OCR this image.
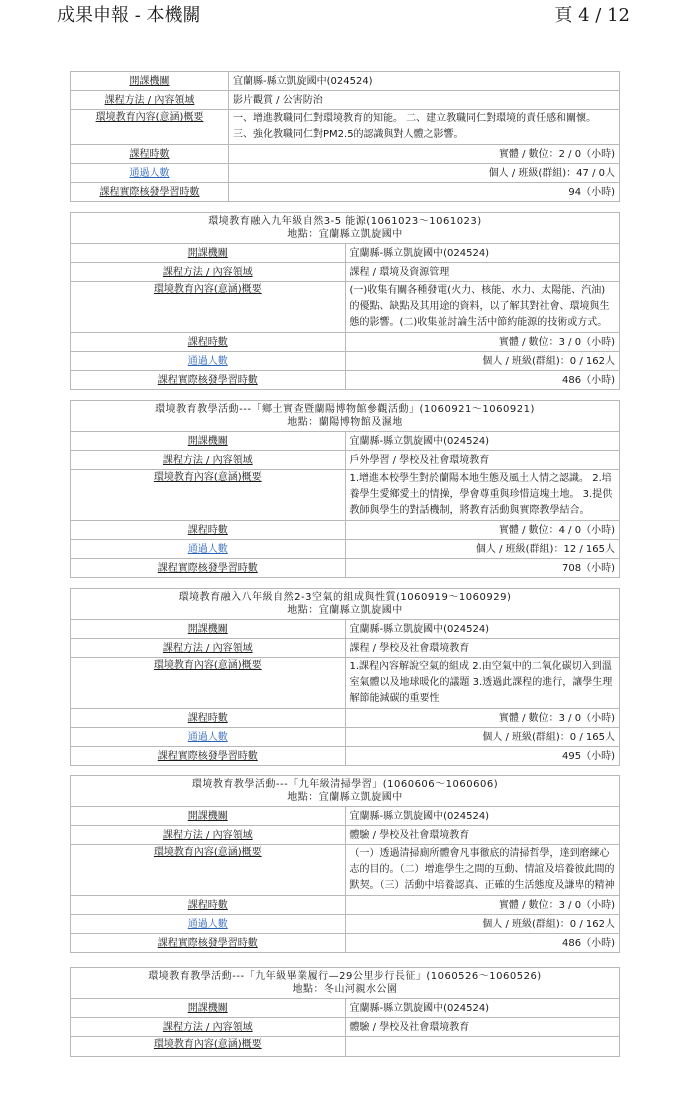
成果申報 - 本機關	頁 4 / 12
開課機關	宜蘭縣-縣立凱旋國中(024524)
課程方法 / 內容領域	影片觀賞 / 公害防治
環境教育內容(意涵)概要	一、增進教職同仁對環境教育的知能。 二、建立教職同仁對環境的責任感和關懷。 三、強化教職同仁對PM2.5的認識與對人體之影響。
課程時數	實體 / 數位：2 / 0（小時)
通過人數	個人 / 班級(群組)：47 / 0人
課程實際核發學習時數	94（小時)
環境教育融入九年級自然3-5 能源(1061023～1061023)
地點：宜蘭縣立凱旋國中	

開課機關	宜蘭縣-縣立凱旋國中(024524)
課程方法 / 內容領域	課程 / 環境及資源管理
環境教育內容(意涵)概要	(一)收集有關各種發電(火力、核能、水力、太陽能、汽油)的優點、缺點及其用途的資料，以了解其對社會、環境與生態的影響。(二)收集並討論生活中節約能源的技術或方式。
課程時數	實體 / 數位：3 / 0（小時)
通過人數	個人 / 班級(群組)：0 / 162人
課程實際核發學習時數	486（小時)
環境教育教學活動---「鄉土實查暨蘭陽博物館參觀活動」(1060921～1060921)
地點：蘭陽博物館及濕地	

開課機關	宜蘭縣-縣立凱旋國中(024524)
課程方法 / 內容領域	戶外學習 / 學校及社會環境教育
環境教育內容(意涵)概要	1.增進本校學生對於蘭陽本地生態及風土人情之認識。 2.培養學生愛鄉愛土的情操，學會尊重與珍惜這塊土地。 3.提供教師與學生的對話機制，將教育活動與實際教學結合。
課程時數	實體 / 數位：4 / 0（小時)
通過人數	個人 / 班級(群組)：12 / 165人
課程實際核發學習時數	708（小時)
環境教育融入八年級自然2-3空氣的組成與性質(1060919～1060929)
地點：宜蘭縣立凱旋國中	

開課機關	宜蘭縣-縣立凱旋國中(024524)
課程方法 / 內容領域	課程 / 學校及社會環境教育
環境教育內容(意涵)概要	1.課程內容解說空氣的組成 2.由空氣中的二氧化碳切入到溫室氣體以及地球暖化的議題 3.透過此課程的進行，讓學生理解節能減碳的重要性
課程時數	實體 / 數位：3 / 0（小時)
通過人數	個人 / 班級(群組)：0 / 165人
課程實際核發學習時數	495（小時)
環境教育教學活動---「九年級清掃學習」(1060606～1060606)
地點：宜蘭縣立凱旋國中	

開課機關	宜蘭縣-縣立凱旋國中(024524)
課程方法 / 內容領域	體驗 / 學校及社會環境教育
環境教育內容(意涵)概要	（一）透過清掃廁所體會凡事徹底的清掃哲學，達到磨練心志的目的。（二）增進學生之間的互動、情誼及培養彼此間的默契。（三）活動中培養認真、正確的生活態度及謙卑的精神
課程時數	實體 / 數位：3 / 0（小時)
通過人數	個人 / 班級(群組)：0 / 162人
課程實際核發學習時數	486（小時)
環境教育教學活動---「九年級畢業履行—29公里步行長征」(1060526～1060526)
地點：冬山河親水公園	

開課機關	宜蘭縣-縣立凱旋國中(024524)
課程方法 / 內容領域	體驗 / 學校及社會環境教育
環境教育內容(意涵)概要	
